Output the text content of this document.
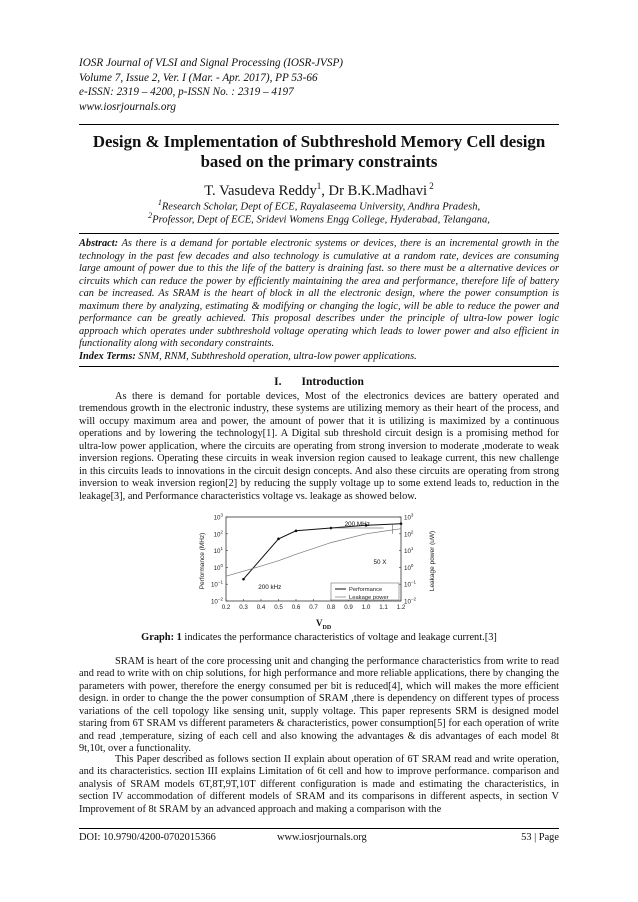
IOSR Journal of VLSI and Signal Processing (IOSR-JVSP)
Volume 7, Issue 2, Ver. I (Mar. - Apr. 2017), PP 53-66
e-ISSN: 2319 – 4200, p-ISSN No. : 2319 – 4197
www.iosrjournals.org
Design & Implementation of Subthreshold Memory Cell design
based on the primary constraints
T. Vasudeva Reddy$^1$, Dr B.K.Madhavi $^2$
$^1$Research Scholar, Dept of ECE, Rayalaseema University, Andhra Pradesh,
$^2$Professor, Dept of ECE, Sridevi Womens Engg College, Hyderabad, Telangana,
Abstract: As there is a demand for portable electronic systems or devices, there is an incremental growth in the technology in the past few decades and also technology is cumulative at a random rate, devices are consuming large amount of power due to this the life of the battery is draining fast. so there must be a alternative devices or circuits which can reduce the power by efficiently maintaining the area and performance, therefore life of battery can be increased. As SRAM is the heart of block in all the electronic design, where the power consumption is maximum there by analyzing, estimating & modifying or changing the logic, will be able to reduce the power and performance can be greatly achieved. This proposal describes under the principle of ultra-low power logic approach which operates under subthreshold voltage operating which leads to lower power and also efficient in functionality along with secondary constraints.
Index Terms: SNM, RNM, Subthreshold operation, ultra-low power applications.
I. Introduction

As there is demand for portable devices, Most of the electronics devices are battery operated and tremendous growth in the electronic industry, these systems are utilizing memory as their heart of the process, and will occupy maximum area and power, the amount of power that it is utilizing is maximized by a continuous operations and by lowering the technology[1]. A Digital sub threshold circuit design is a promising method for ultra-low power application, where the circuits are operating from strong inversion to moderate ,moderate to weak inversion regions. Operating these circuits in weak inversion region caused to leakage current, this new challenge in this circuits leads to innovations in the circuit design concepts. And also these circuits are operating from strong inversion to weak inversion region[2] by reducing the supply voltage up to some extend leads to, reduction in the leakage[3], and Performance characteristics voltage vs. leakage as showed below.

0.2 0.3 0.4 0.5 0.6 0.7 0.8 0.9 1.0 1.1 1.2
$10^3$	$10^3$
$10^2$	$10^2$
$10^1$	$10^1$
$10^0$	$10^0$
$10^{-1}$	$10^{-1}$
$10^{-2}$	$10^{-2}$
Performance (MHz)	Leakage power (uW)
200 MHz
200 kHz
50 X
Performance
Leakage power
$V_{DD}$
Graph: 1 indicates the performance characteristics of voltage and leakage current.[3]

SRAM is heart of the core processing unit and changing the performance characteristics from write to read and read to write with on chip solutions, for high performance and more reliable applications, there by changing the parameters with power, therefore the energy consumed per bit is reduced[4], which will makes the more efficient design. in order to change the the power consumption of SRAM ,there is dependency on different types of process variations of the cell topology like sensing unit, supply voltage. This paper represents SRM is designed model staring from 6T SRAM vs different parameters & characteristics, power consumption[5] for each operation of write and read ,temperature, sizing of each cell and also knowing the advantages & dis advantages of each model 8t 9t,10t, over a functionality.

This Paper described as follows section II explain about operation of 6T SRAM read and write operation, and its characteristics. section III explains Limitation of 6t cell and how to improve performance. comparison and analysis of SRAM models 6T,8T,9T,10T different configuration is made and estimating the characteristics, in section IV accommodation of different models of SRAM and its comparisons in different aspects, in section V Improvement of 8t SRAM by an advanced approach and making a comparison with the

DOI: 10.9790/4200-0702015366	www.iosrjournals.org	53 | Page
